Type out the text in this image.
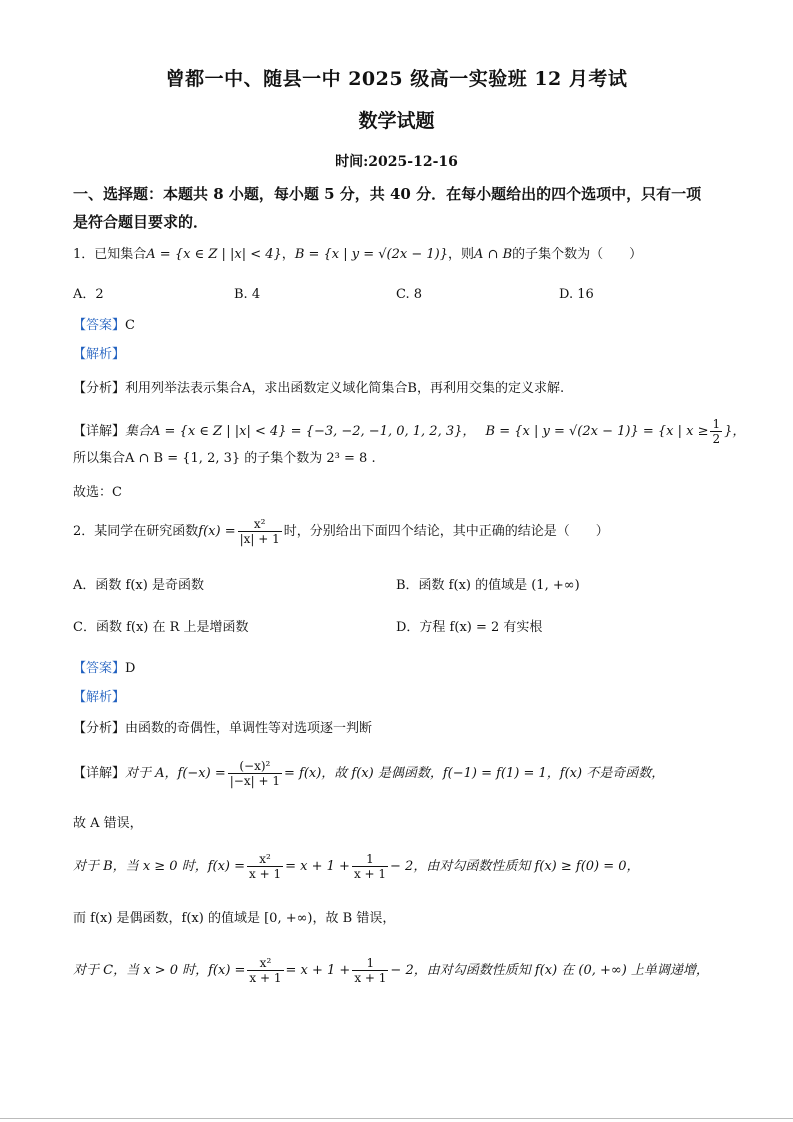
曾都一中、随县一中 2025 级高一实验班 12 月考试
数学试题
时间:2025-12-16
一、选择题：本题共 8 小题，每小题 5 分，共 40 分．在每小题给出的四个选项中，只有一项
是符合题目要求的．
1．已知集合A = {x ∈ Z | |x| < 4}，B = {x | y = √(2x − 1)}，则A ∩ B的子集个数为（　　）
A．2	B. 4	C. 8	D. 16
【答案】C
【解析】
【分析】利用列举法表示集合A，求出函数定义域化简集合B，再利用交集的定义求解.
【详解】集合A = {x ∈ Z | |x| < 4} = {−3, −2, −1, 0, 1, 2, 3}， B = {x | y = √(2x − 1)} = {x | $x \ge \frac{1}{2}$ }，
所以集合A ∩ B = {1, 2, 3} 的子集个数为 2³ = 8 .
故选：C
2．某同学在研究函数$f(x) = \frac{\text{x²}}{|x| + 1}$ 时，分别给出下面四个结论，其中正确的结论是（　　）
A．函数 f(x) 是奇函数	B．函数 f(x) 的值域是 (1, +∞)
C．函数 f(x) 在 R 上是增函数	D．方程 f(x) = 2 有实根
【答案】D
【解析】
【分析】由函数的奇偶性，单调性等对选项逐一判断
【详解】对于 A，$f(-x) = \frac{\text{(−x)²}}{|-x| + 1} = f(x)$，故 f(x) 是偶函数，f(−1) = f(1) = 1，f(x) 不是奇函数，
故 A 错误，
对于 B，当 x ≥ 0 时，$f(x) = \frac{\text{x²}}{x + 1} = x + 1 + \frac{1}{x + 1} - 2$，由对勾函数性质知 f(x) ≥ f(0) = 0，
而 f(x) 是偶函数，f(x) 的值域是 [0, +∞)，故 B 错误，
对于 C，当 x > 0 时，$f(x) = \frac{\text{x²}}{x + 1} = x + 1 + \frac{1}{x + 1} - 2$，由对勾函数性质知 f(x) 在 (0, +∞) 上单调递增，
